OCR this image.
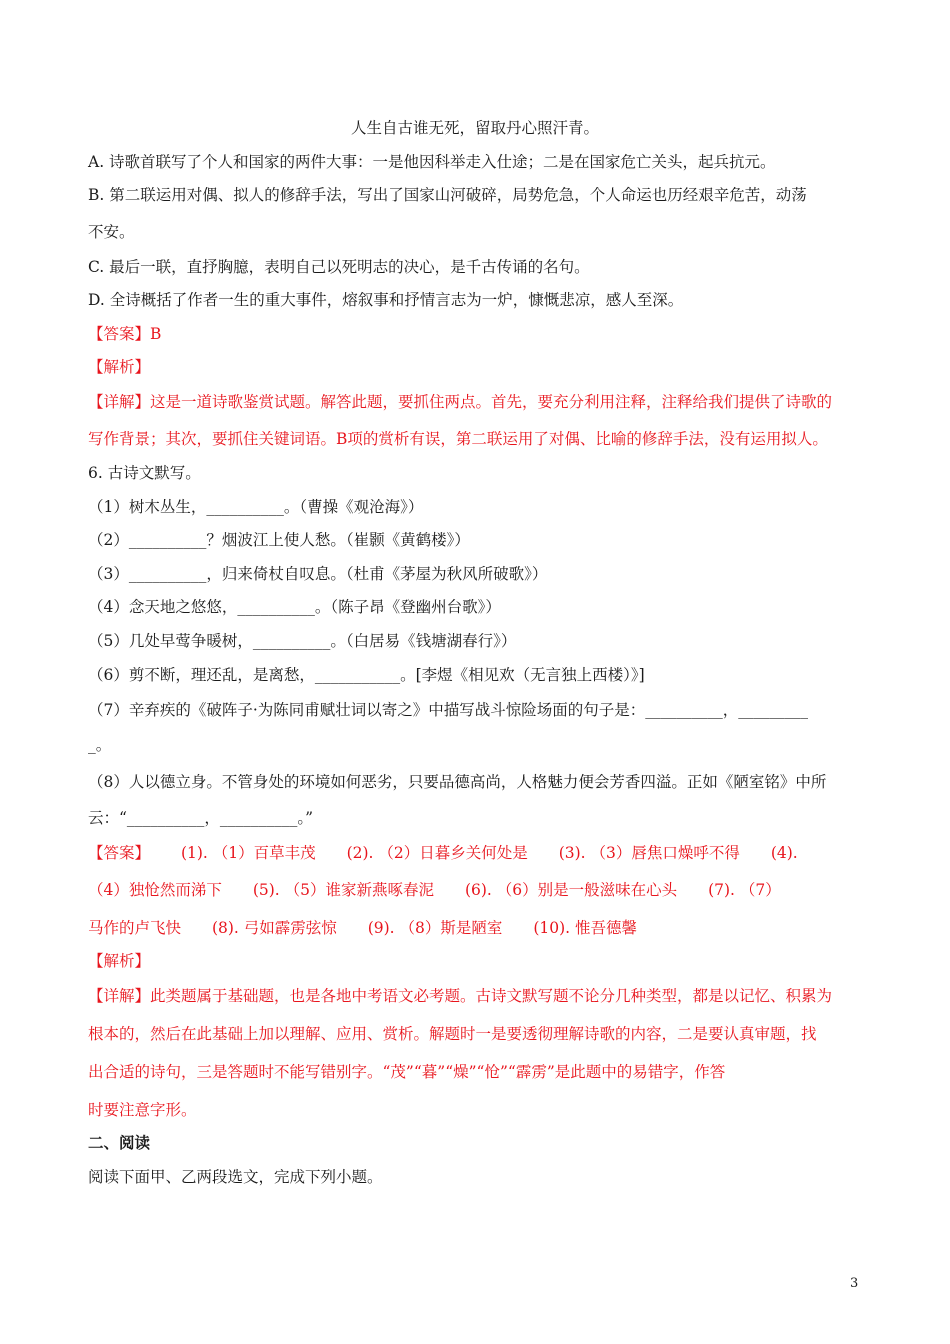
人生自古谁无死，留取丹心照汗青。
A. 诗歌首联写了个人和国家的两件大事：一是他因科举走入仕途；二是在国家危亡关头，起兵抗元。
B. 第二联运用对偶、拟人的修辞手法，写出了国家山河破碎，局势危急，个人命运也历经艰辛危苦，动荡
不安。
C. 最后一联，直抒胸臆，表明自己以死明志的决心，是千古传诵的名句。
D. 全诗概括了作者一生的重大事件，熔叙事和抒情言志为一炉，慷慨悲凉，感人至深。
【答案】B
【解析】
【详解】这是一道诗歌鉴赏试题。解答此题，要抓住两点。首先，要充分利用注释，注释给我们提供了诗歌的
写作背景；其次，要抓住关键词语。B项的赏析有误，第二联运用了对偶、比喻的修辞手法，没有运用拟人。
6. 古诗文默写。
（1）树木丛生，__________。（曹操《观沧海》）
（2）__________？烟波江上使人愁。（崔颢《黄鹤楼》）
（3）__________，归来倚杖自叹息。（杜甫《茅屋为秋风所破歌》）
（4）念天地之悠悠，__________。（陈子昂《登幽州台歌》）
（5）几处早莺争暖树，__________。（白居易《钱塘湖春行》）
（6）剪不断，理还乱，是离愁，___________。[李煜《相见欢（无言独上西楼）》]
（7）辛弃疾的《破阵子·为陈同甫赋壮词以寄之》中描写战斗惊险场面的句子是：__________，_________
_。
（8）人以德立身。不管身处的环境如何恶劣，只要品德高尚，人格魅力便会芳香四溢。正如《陋室铭》中所
云：“__________，__________。”
【答案】 (1). （1）百草丰茂 (2). （2）日暮乡关何处是 (3). （3）唇焦口燥呼不得 (4).
（4）独怆然而涕下 (5). （5）谁家新燕啄春泥 (6). （6）别是一般滋味在心头 (7). （7）
马作的卢飞快 (8). 弓如霹雳弦惊 (9). （8）斯是陋室 (10). 惟吾德馨
【解析】
【详解】此类题属于基础题，也是各地中考语文必考题。古诗文默写题不论分几种类型，都是以记忆、积累为
根本的，然后在此基础上加以理解、应用、赏析。解题时一是要透彻理解诗歌的内容，二是要认真审题，找
出合适的诗句，三是答题时不能写错别字。“茂”“暮”“燥”“怆”“霹雳”是此题中的易错字，作答
时要注意字形。
二、阅读
阅读下面甲、乙两段选文，完成下列小题。
3
